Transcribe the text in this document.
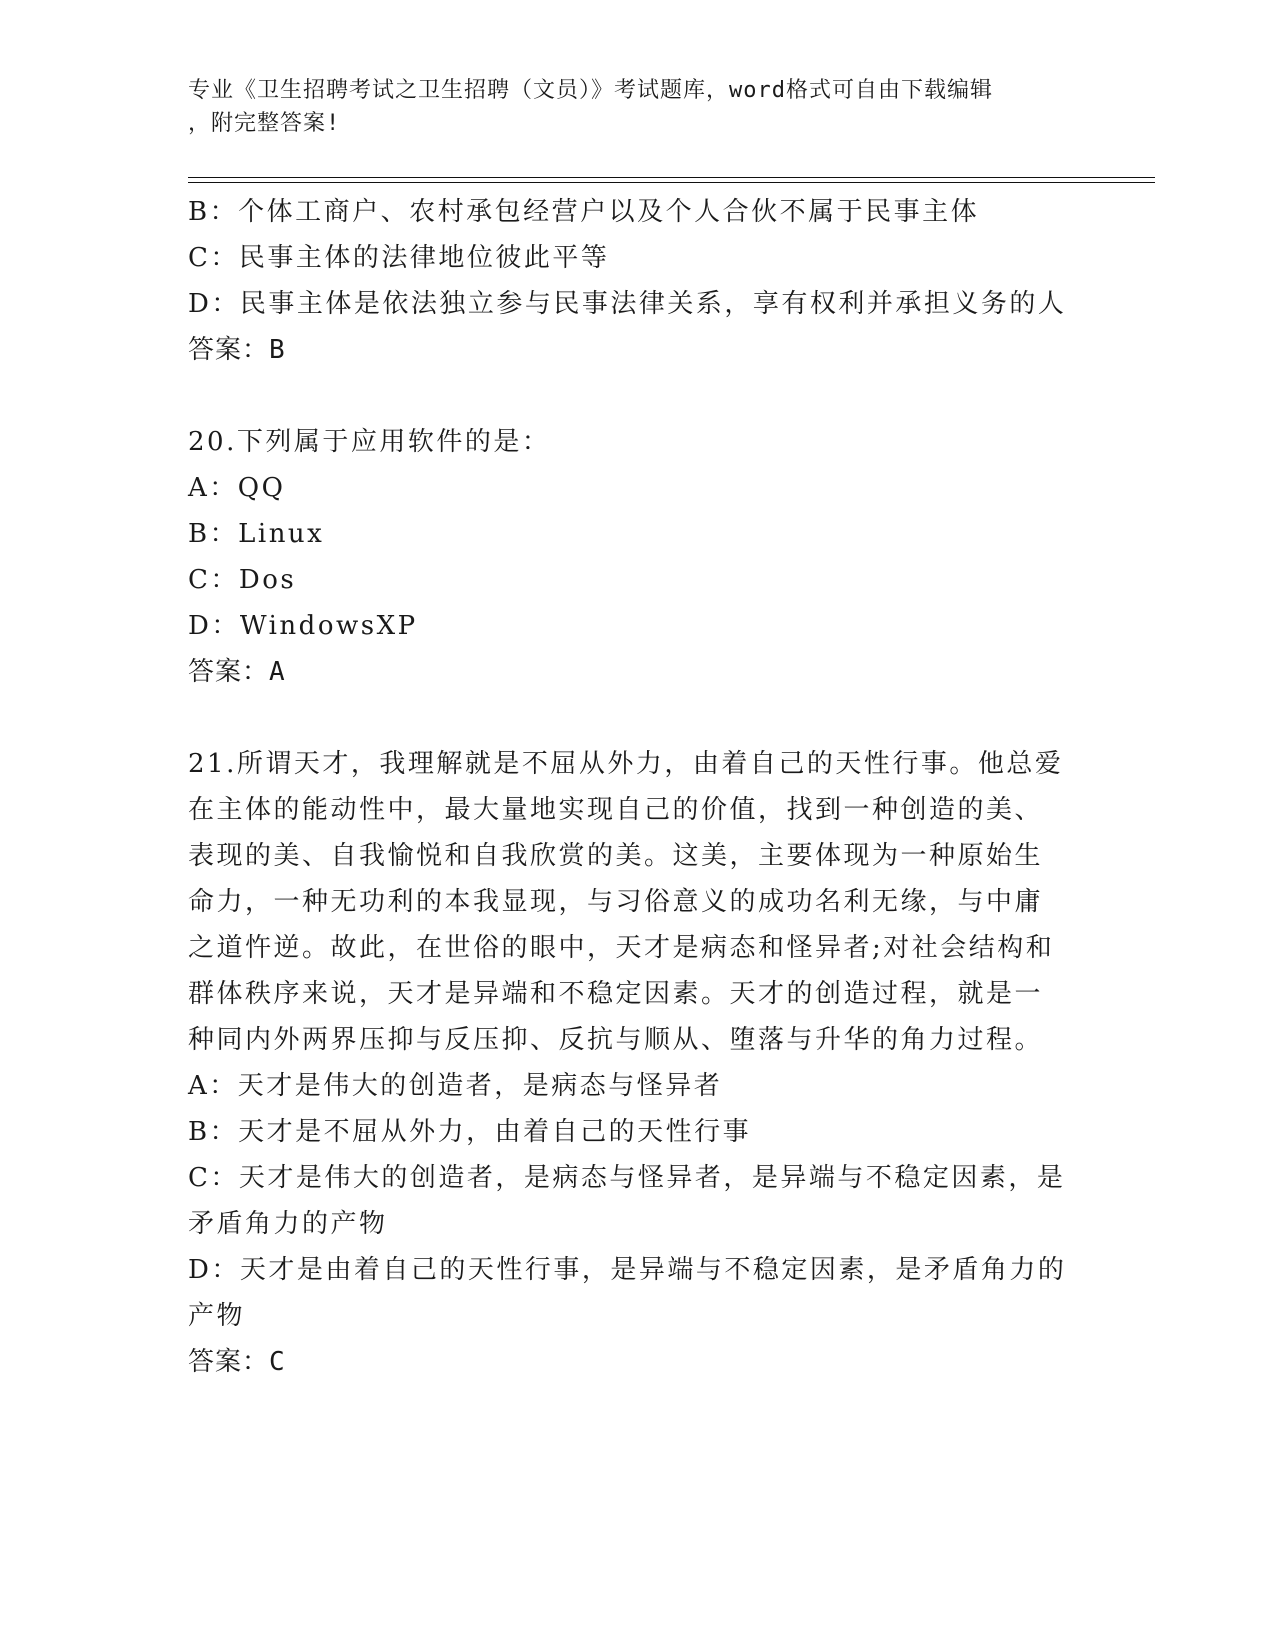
专业《卫生招聘考试之卫生招聘（文员）》考试题库，word格式可自由下载编辑
，附完整答案!
B：个体工商户、农村承包经营户以及个人合伙不属于民事主体
C：民事主体的法律地位彼此平等
D：民事主体是依法独立参与民事法律关系，享有权利并承担义务的人
答案：B
20.下列属于应用软件的是：
A：QQ
B：Linux
C：Dos
D：WindowsXP
答案：A
21.所谓天才，我理解就是不屈从外力，由着自己的天性行事。他总爱
在主体的能动性中，最大量地实现自己的价值，找到一种创造的美、
表现的美、自我愉悦和自我欣赏的美。这美，主要体现为一种原始生
命力，一种无功利的本我显现，与习俗意义的成功名利无缘，与中庸
之道忤逆。故此，在世俗的眼中，天才是病态和怪异者;对社会结构和
群体秩序来说，天才是异端和不稳定因素。天才的创造过程，就是一
种同内外两界压抑与反压抑、反抗与顺从、堕落与升华的角力过程。
A：天才是伟大的创造者，是病态与怪异者
B：天才是不屈从外力，由着自己的天性行事
C：天才是伟大的创造者，是病态与怪异者，是异端与不稳定因素，是
矛盾角力的产物
D：天才是由着自己的天性行事，是异端与不稳定因素，是矛盾角力的
产物
答案：C
